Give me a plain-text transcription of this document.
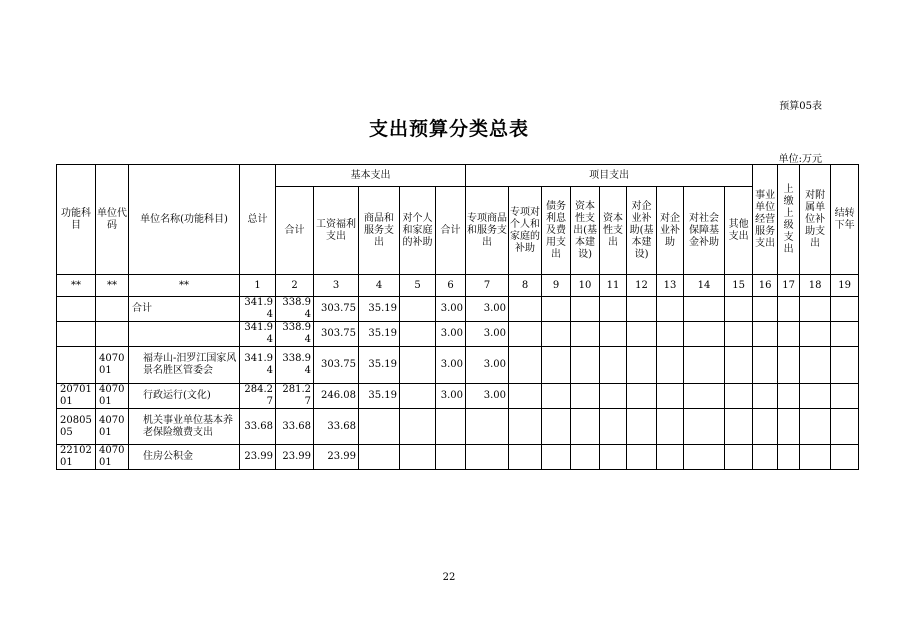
预算05表
支出预算分类总表
单位:万元
功能科目	单位代码	单位名称(功能科目)	总计	基本支出					项目支出									事业单位经营服务支出	上缴上级支出	对附属单位补助支出	结转下年
				合计	工资福利支出	商品和服务支出	对个人和家庭的补助	合计	专项商品和服务支出	专项对个人和家庭的补助	债务利息及费用支出	资本性支出(基本建设)	资本性支出	对企业补助(基本建设)	对企业补助	对社会保障基金补助	其他支出				
**	**	**	1	2	3	4	5	6	7	8	9	10	11	12	13	14	15	16	17	18	19
		合计	341.94	338.94	303.75	35.19		3.00	3.00												
			341.94	338.94	303.75	35.19		3.00	3.00												
	407001	福寿山-汨罗江国家风景名胜区管委会	341.94	338.94	303.75	35.19		3.00	3.00												
2070101	407001	行政运行(文化)	284.27	281.27	246.08	35.19		3.00	3.00												
2080505	407001	机关事业单位基本养老保险缴费支出	33.68	33.68	33.68																
2210201	407001	住房公积金	23.99	23.99	23.99																
22
